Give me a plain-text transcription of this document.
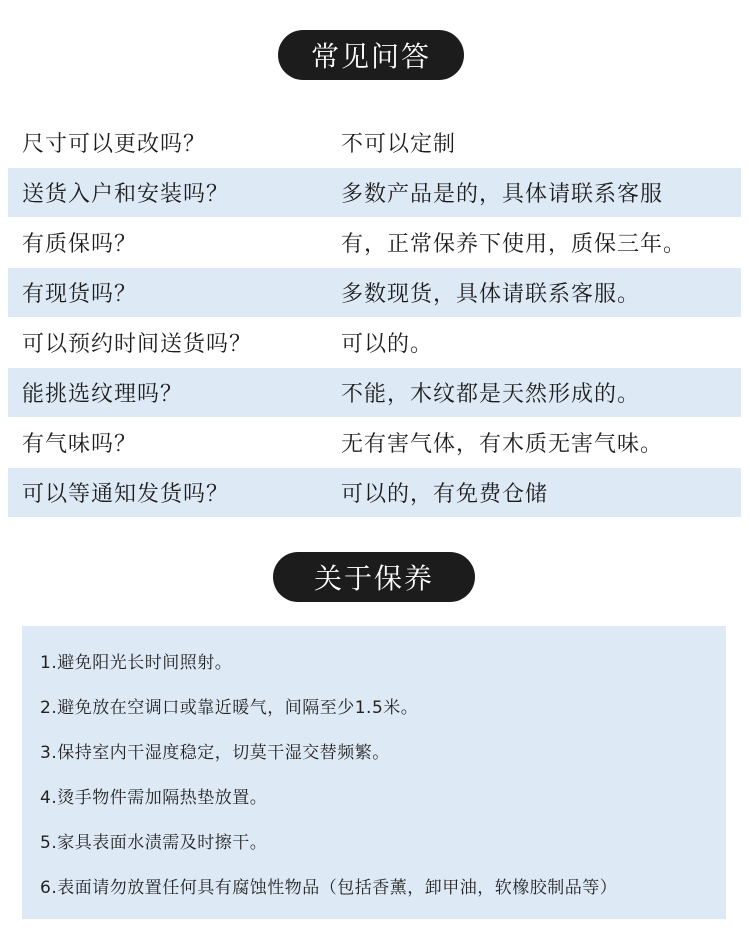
常见问答
尺寸可以更改吗？	不可以定制
送货入户和安装吗？	多数产品是的，具体请联系客服
有质保吗？	有，正常保养下使用，质保三年。
有现货吗？	多数现货，具体请联系客服。
可以预约时间送货吗？	可以的。
能挑选纹理吗？	不能，木纹都是天然形成的。
有气味吗？	无有害气体，有木质无害气味。
可以等通知发货吗？	可以的，有免费仓储
关于保养
1.避免阳光长时间照射。
2.避免放在空调口或靠近暖气，间隔至少1.5米。
3.保持室内干湿度稳定，切莫干湿交替频繁。
4.烫手物件需加隔热垫放置。
5.家具表面水渍需及时擦干。
6.表面请勿放置任何具有腐蚀性物品（包括香薰，卸甲油，软橡胶制品等）
